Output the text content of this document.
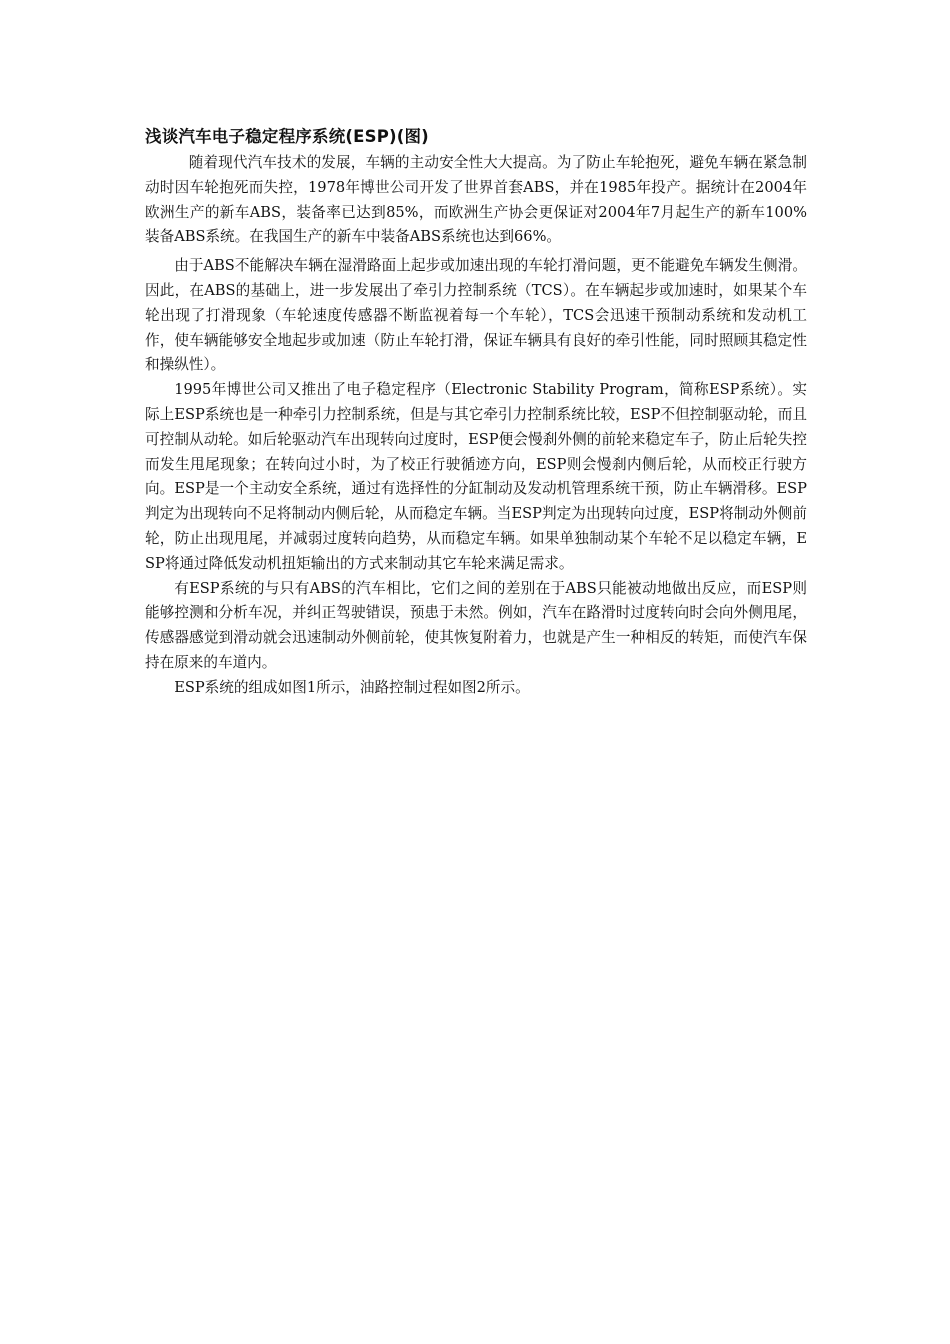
浅谈汽车电子稳定程序系统(ESP)(图)

随着现代汽车技术的发展，车辆的主动安全性大大提高。为了防止车轮抱死，避免车辆在紧急制动时因车轮抱死而失控，1978年博世公司开发了世界首套ABS，并在1985年投产。据统计在2004年欧洲生产的新车ABS，装备率已达到85%，而欧洲生产协会更保证对2004年7月起生产的新车100%装备ABS系统。在我国生产的新车中装备ABS系统也达到66%。

由于ABS不能解决车辆在湿滑路面上起步或加速出现的车轮打滑问题，更不能避免车辆发生侧滑。因此，在ABS的基础上，进一步发展出了牵引力控制系统（TCS）。在车辆起步或加速时，如果某个车轮出现了打滑现象（车轮速度传感器不断监视着每一个车轮），TCS会迅速干预制动系统和发动机工作，使车辆能够安全地起步或加速（防止车轮打滑，保证车辆具有良好的牵引性能，同时照顾其稳定性和操纵性）。

1995年博世公司又推出了电子稳定程序（Electronic Stability Program，简称ESP系统）。实际上ESP系统也是一种牵引力控制系统，但是与其它牵引力控制系统比较，ESP不但控制驱动轮，而且可控制从动轮。如后轮驱动汽车出现转向过度时，ESP便会慢刹外侧的前轮来稳定车子，防止后轮失控而发生甩尾现象；在转向过小时，为了校正行驶循迹方向，ESP则会慢刹内侧后轮，从而校正行驶方向。ESP是一个主动安全系统，通过有选择性的分缸制动及发动机管理系统干预，防止车辆滑移。ESP判定为出现转向不足将制动内侧后轮，从而稳定车辆。当ESP判定为出现转向过度，ESP将制动外侧前轮，防止出现甩尾，并减弱过度转向趋势，从而稳定车辆。如果单独制动某个车轮不足以稳定车辆，ESP将通过降低发动机扭矩输出的方式来制动其它车轮来满足需求。

有ESP系统的与只有ABS的汽车相比，它们之间的差别在于ABS只能被动地做出反应，而ESP则能够控测和分析车况，并纠正驾驶错误，预患于未然。例如，汽车在路滑时过度转向时会向外侧甩尾，传感器感觉到滑动就会迅速制动外侧前轮，使其恢复附着力，也就是产生一种相反的转矩，而使汽车保持在原来的车道内。

ESP系统的组成如图1所示，油路控制过程如图2所示。
